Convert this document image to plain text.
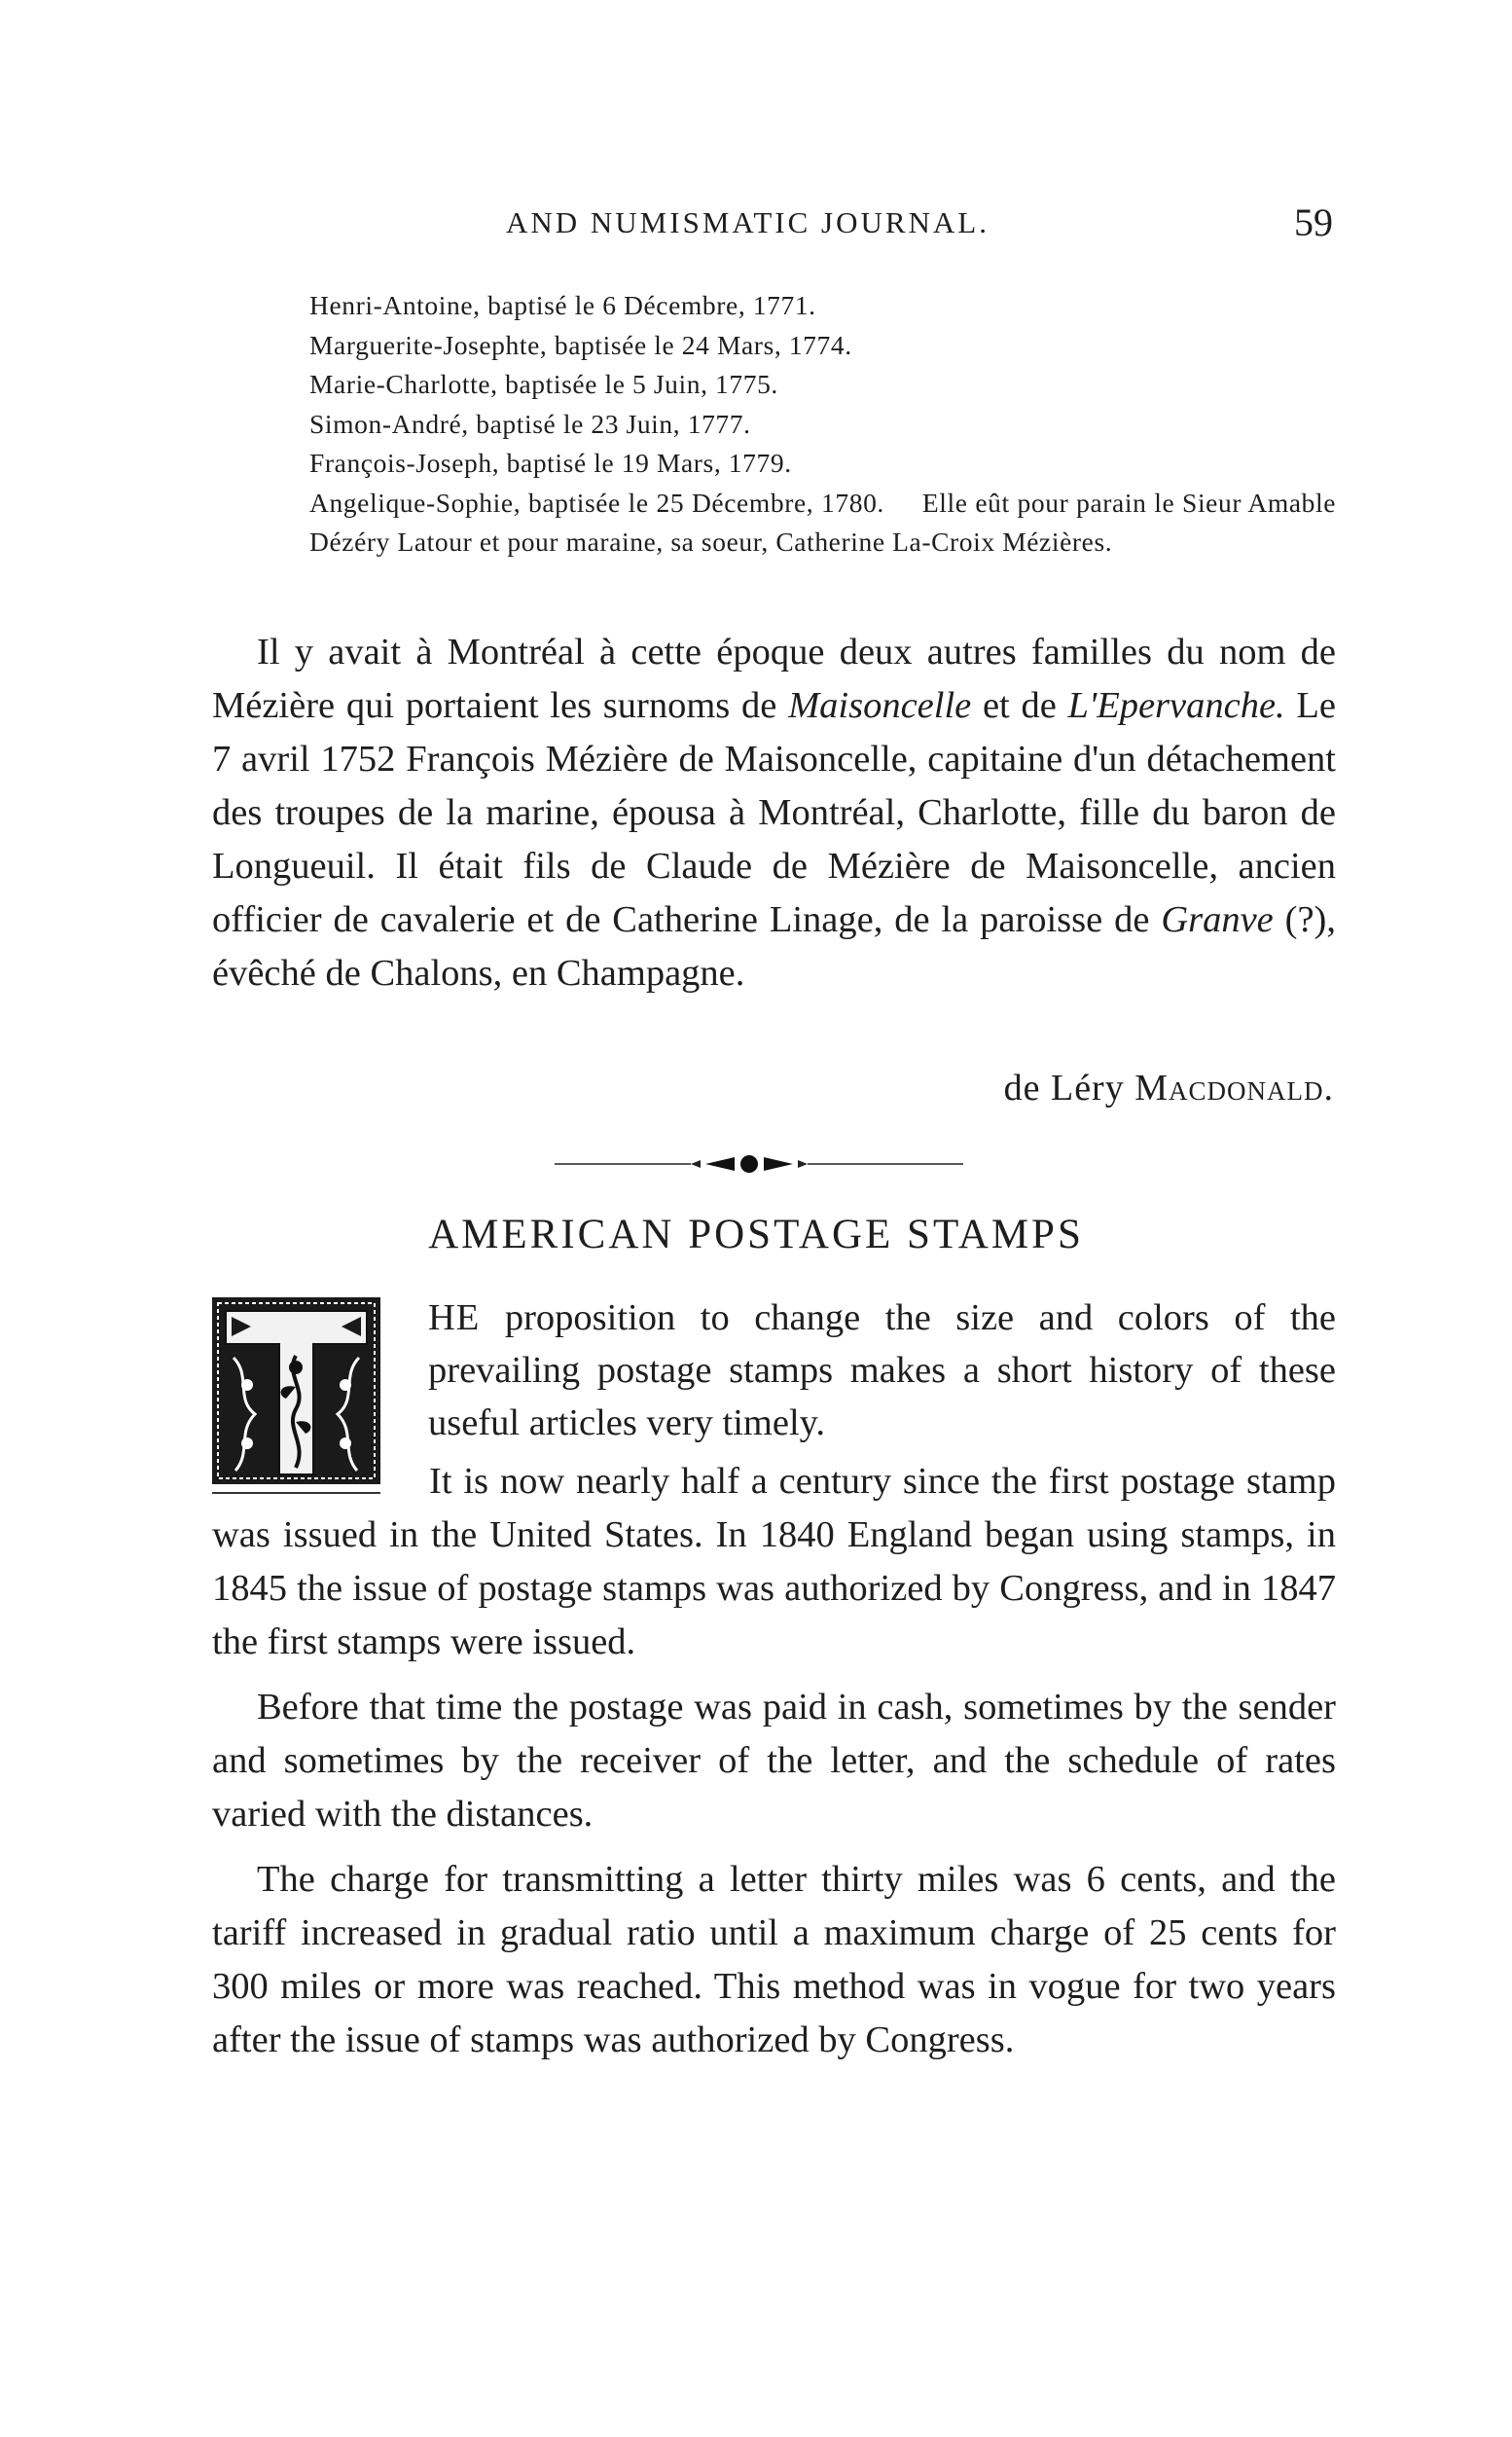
AND NUMISMATIC JOURNAL.	59
Henri-Antoine, baptisé le 6 Décembre, 1771.
Marguerite-Josephte, baptisée le 24 Mars, 1774.
Marie-Charlotte, baptisée le 5 Juin, 1775.
Simon-André, baptisé le 23 Juin, 1777.
François-Joseph, baptisé le 19 Mars, 1779.
Angelique-Sophie, baptisée le 25 Décembre, 1780. Elle eût pour parain le Sieur Amable Dézéry Latour et pour maraine, sa soeur, Catherine La-Croix Mézières.

Il y avait à Montréal à cette époque deux autres familles du nom de Mézière qui portaient les surnoms de Maisoncelle et de L'Epervanche. Le 7 avril 1752 François Mézière de Maisoncelle, capitaine d'un détachement des troupes de la marine, épousa à Montréal, Charlotte, fille du baron de Longueuil. Il était fils de Claude de Mézière de Maisoncelle, ancien officier de cavalerie et de Catherine Linage, de la paroisse de Granve (?), évêché de Chalons, en Champagne.

de Léry Macdonald.
AMERICAN POSTAGE STAMPS
HE proposition to change the size and colors of the prevailing postage stamps makes a short history of these useful articles very timely.

It is now nearly half a century since the first postage stamp was issued in the United States. In 1840 England began using stamps, in 1845 the issue of postage stamps was authorized by Congress, and in 1847 the first stamps were issued.

Before that time the postage was paid in cash, sometimes by the sender and sometimes by the receiver of the letter, and the schedule of rates varied with the distances.

The charge for transmitting a letter thirty miles was 6 cents, and the tariff increased in gradual ratio until a maximum charge of 25 cents for 300 miles or more was reached. This method was in vogue for two years after the issue of stamps was authorized by Congress.
